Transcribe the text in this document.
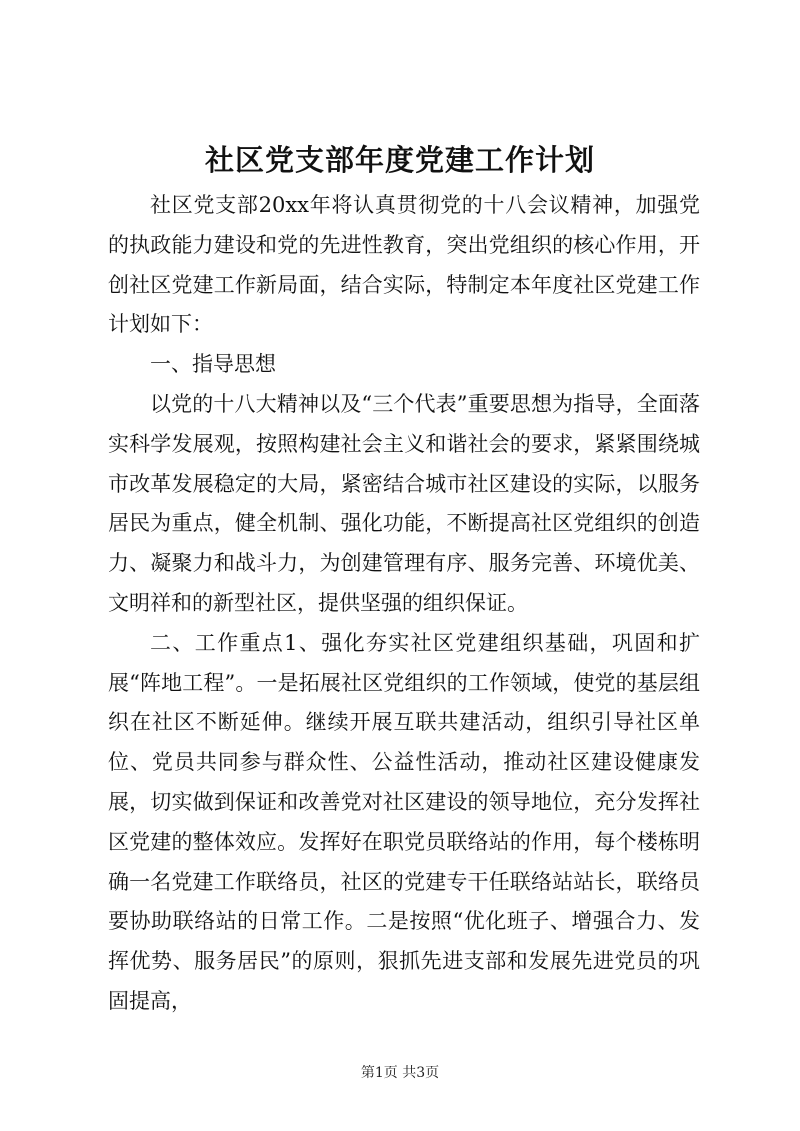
社区党支部年度党建工作计划

社区党支部20xx年将认真贯彻党的十八会议精神，加强党的执政能力建设和党的先进性教育，突出党组织的核心作用，开创社区党建工作新局面，结合实际，特制定本年度社区党建工作计划如下：

一、指导思想

以党的十八大精神以及“三个代表”重要思想为指导，全面落实科学发展观，按照构建社会主义和谐社会的要求，紧紧围绕城市改革发展稳定的大局，紧密结合城市社区建设的实际，以服务居民为重点，健全机制、强化功能，不断提高社区党组织的创造力、凝聚力和战斗力，为创建管理有序、服务完善、环境优美、文明祥和的新型社区，提供坚强的组织保证。

二、工作重点1、强化夯实社区党建组织基础，巩固和扩展“阵地工程”。一是拓展社区党组织的工作领域，使党的基层组织在社区不断延伸。继续开展互联共建活动，组织引导社区单位、党员共同参与群众性、公益性活动，推动社区建设健康发展，切实做到保证和改善党对社区建设的领导地位，充分发挥社区党建的整体效应。发挥好在职党员联络站的作用，每个楼栋明确一名党建工作联络员，社区的党建专干任联络站站长，联络员要协助联络站的日常工作。二是按照“优化班子、增强合力、发挥优势、服务居民”的原则，狠抓先进支部和发展先进党员的巩固提高，

第1页 共3页
